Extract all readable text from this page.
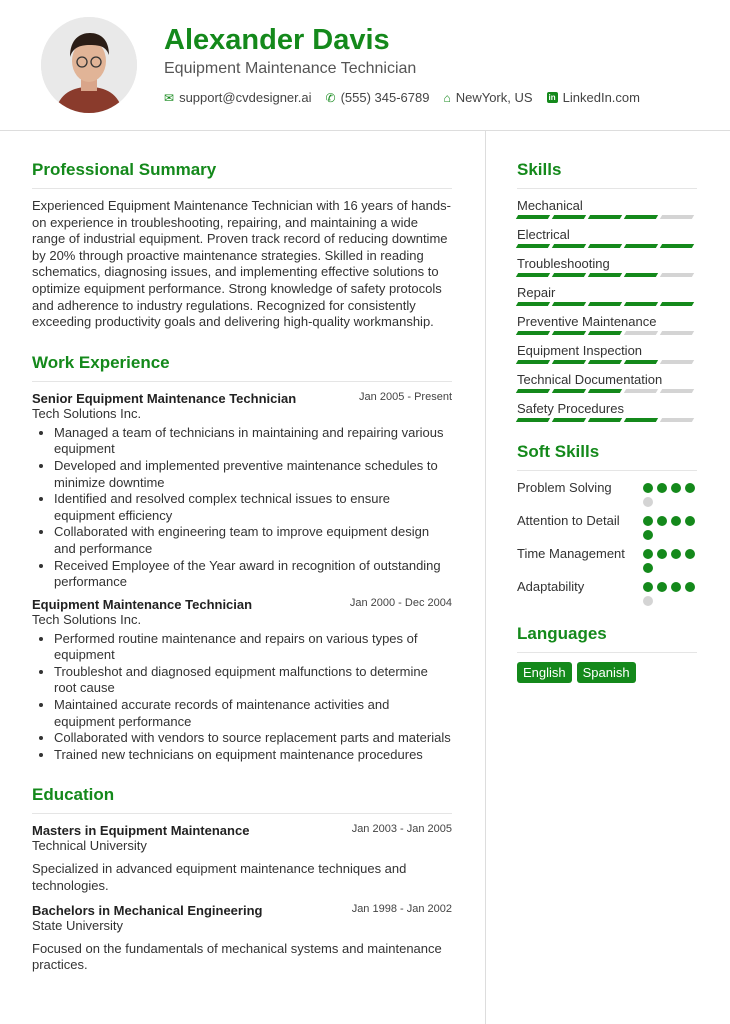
Alexander Davis
Equipment Maintenance Technician
✉ support@cvdesigner.ai ✆ (555) 345-6789 ⌂ NewYork, US in LinkedIn.com
Professional Summary

Experienced Equipment Maintenance Technician with 16 years of hands-on experience in troubleshooting, repairing, and maintaining a wide range of industrial equipment. Proven track record of reducing downtime by 20% through proactive maintenance strategies. Skilled in reading schematics, diagnosing issues, and implementing effective solutions to optimize equipment performance. Strong knowledge of safety protocols and adherence to industry regulations. Recognized for consistently exceeding productivity goals and delivering high-quality workmanship.

Work Experience
Senior Equipment Maintenance Technician	Jan 2005 - Present
Tech Solutions Inc.
• Managed a team of technicians in maintaining and repairing various equipment
• Developed and implemented preventive maintenance schedules to minimize downtime
• Identified and resolved complex technical issues to ensure equipment efficiency
• Collaborated with engineering team to improve equipment design and performance
• Received Employee of the Year award in recognition of outstanding performance
Equipment Maintenance Technician	Jan 2000 - Dec 2004
Tech Solutions Inc.
• Performed routine maintenance and repairs on various types of equipment
• Troubleshot and diagnosed equipment malfunctions to determine root cause
• Maintained accurate records of maintenance activities and equipment performance
• Collaborated with vendors to source replacement parts and materials
• Trained new technicians on equipment maintenance procedures
Education
Masters in Equipment Maintenance	Jan 2003 - Jan 2005
Technical University

Specialized in advanced equipment maintenance techniques and technologies.

Bachelors in Mechanical Engineering	Jan 1998 - Jan 2002
State University

Focused on the fundamentals of mechanical systems and maintenance practices.

Skills
Mechanical
Electrical
Troubleshooting
Repair
Preventive Maintenance
Equipment Inspection
Technical Documentation
Safety Procedures
Soft Skills
Problem Solving
Attention to Detail
Time Management
Adaptability
Languages
English	Spanish
